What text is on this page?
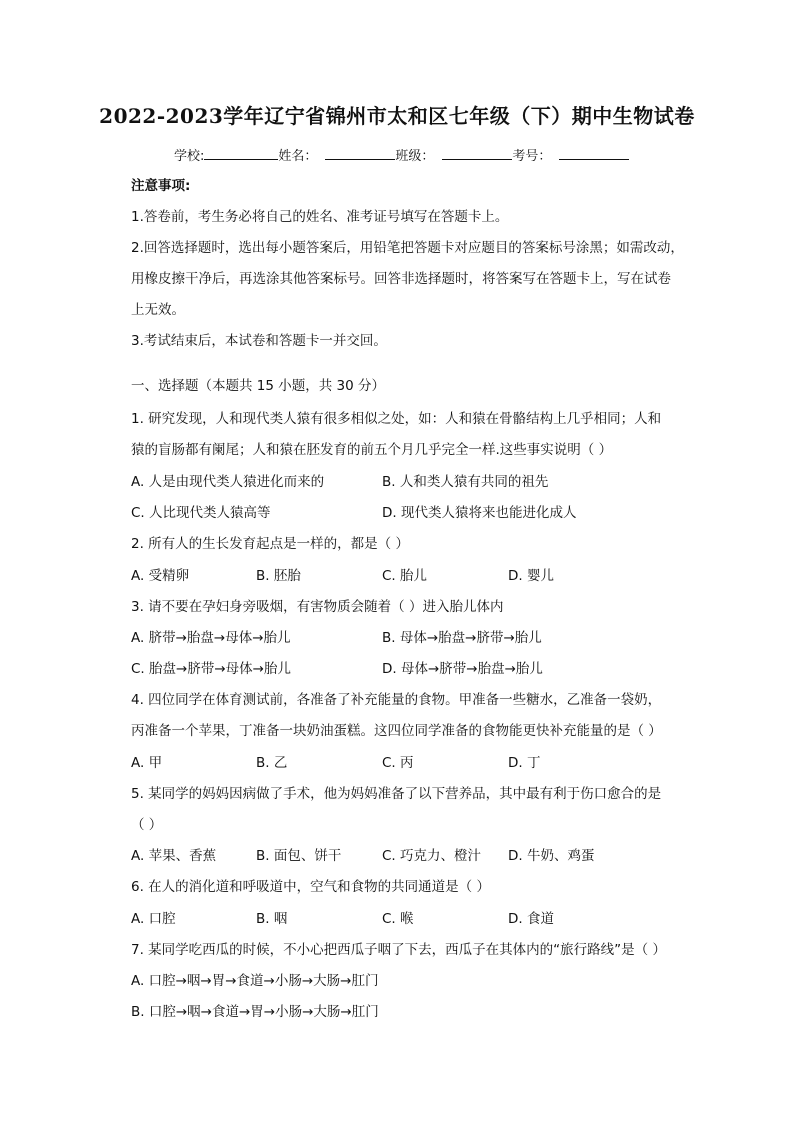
2022-2023学年辽宁省锦州市太和区七年级（下）期中生物试卷
学校:	姓名：	班级：	考号：
注意事项:
1.答卷前，考生务必将自己的姓名、准考证号填写在答题卡上。
2.回答选择题时，选出每小题答案后，用铅笔把答题卡对应题目的答案标号涂黑；如需改动，
用橡皮擦干净后，再选涂其他答案标号。回答非选择题时，将答案写在答题卡上，写在试卷
上无效。
3.考试结束后，本试卷和答题卡一并交回。
一、选择题（本题共 15 小题，共 30 分）
1. 研究发现，人和现代类人猿有很多相似之处，如：人和猿在骨骼结构上几乎相同；人和
猿的盲肠都有阑尾；人和猿在胚发育的前五个月几乎完全一样.这些事实说明（ ）
A. 人是由现代类人猿进化而来的	B. 人和类人猿有共同的祖先
C. 人比现代类人猿高等	D. 现代类人猿将来也能进化成人
2. 所有人的生长发育起点是一样的，都是（ ）
A. 受精卵	B. 胚胎	C. 胎儿	D. 婴儿
3. 请不要在孕妇身旁吸烟，有害物质会随着（ ）进入胎儿体内
A. 脐带→胎盘→母体→胎儿	B. 母体→胎盘→脐带→胎儿
C. 胎盘→脐带→母体→胎儿	D. 母体→脐带→胎盘→胎儿
4. 四位同学在体育测试前，各准备了补充能量的食物。甲准备一些糖水，乙准备一袋奶，
丙准备一个苹果，丁准备一块奶油蛋糕。这四位同学准备的食物能更快补充能量的是（ ）
A. 甲	B. 乙	C. 丙	D. 丁
5. 某同学的妈妈因病做了手术，他为妈妈准备了以下营养品，其中最有利于伤口愈合的是
（ ）
A. 苹果、香蕉	B. 面包、饼干	C. 巧克力、橙汁 D. 牛奶、鸡蛋
6. 在人的消化道和呼吸道中，空气和食物的共同通道是（ ）
A. 口腔	B. 咽	C. 喉	D. 食道
7. 某同学吃西瓜的时候，不小心把西瓜子咽了下去，西瓜子在其体内的“旅行路线”是（ ）
A. 口腔→咽→胃→食道→小肠→大肠→肛门
B. 口腔→咽→食道→胃→小肠→大肠→肛门
